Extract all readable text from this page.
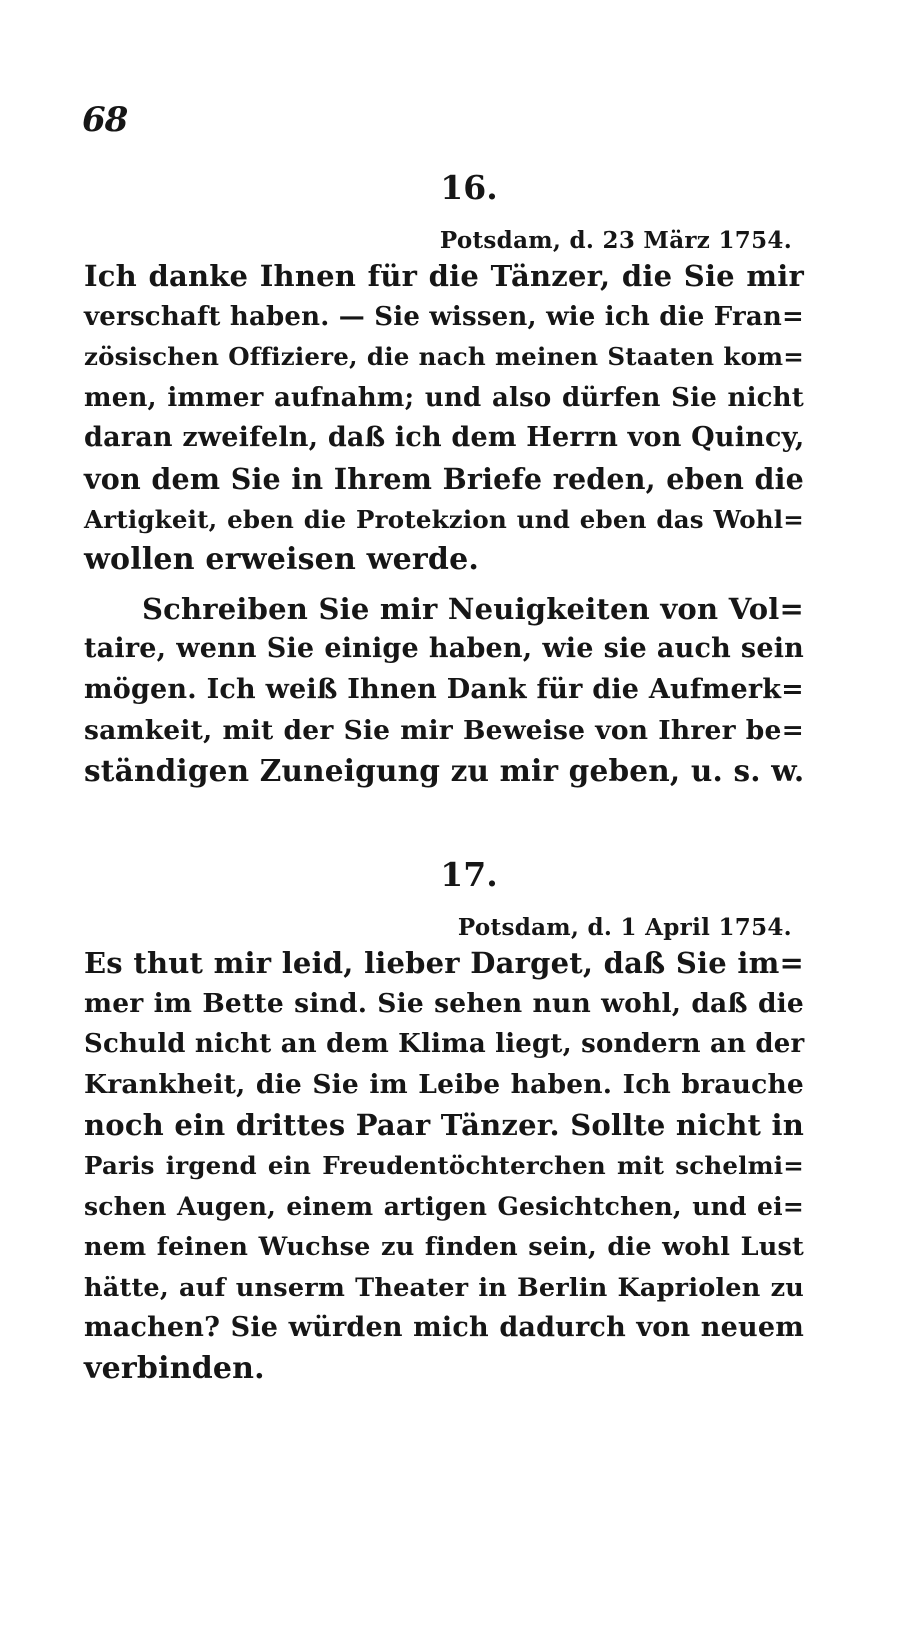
68
16.
Potsdam, d. 23 März 1754.
Ich danke Ihnen für die Tänzer, die Sie mir
verschaft haben. — Sie wissen, wie ich die Fran=
zösischen Offiziere, die nach meinen Staaten kom=
men, immer aufnahm; und also dürfen Sie nicht
daran zweifeln, daß ich dem Herrn von Quincy,
von dem Sie in Ihrem Briefe reden, eben die
Artigkeit, eben die Protekzion und eben das Wohl=
wollen erweisen werde.
Schreiben Sie mir Neuigkeiten von Vol=
taire, wenn Sie einige haben, wie sie auch sein
mögen. Ich weiß Ihnen Dank für die Aufmerk=
samkeit, mit der Sie mir Beweise von Ihrer be=
ständigen Zuneigung zu mir geben, u. s. w.
17.
Potsdam, d. 1 April 1754.
Es thut mir leid, lieber Darget, daß Sie im=
mer im Bette sind. Sie sehen nun wohl, daß die
Schuld nicht an dem Klima liegt, sondern an der
Krankheit, die Sie im Leibe haben. Ich brauche
noch ein drittes Paar Tänzer. Sollte nicht in
Paris irgend ein Freudentöchterchen mit schelmi=
schen Augen, einem artigen Gesichtchen, und ei=
nem feinen Wuchse zu finden sein, die wohl Lust
hätte, auf unserm Theater in Berlin Kapriolen zu
machen? Sie würden mich dadurch von neuem
verbinden.
